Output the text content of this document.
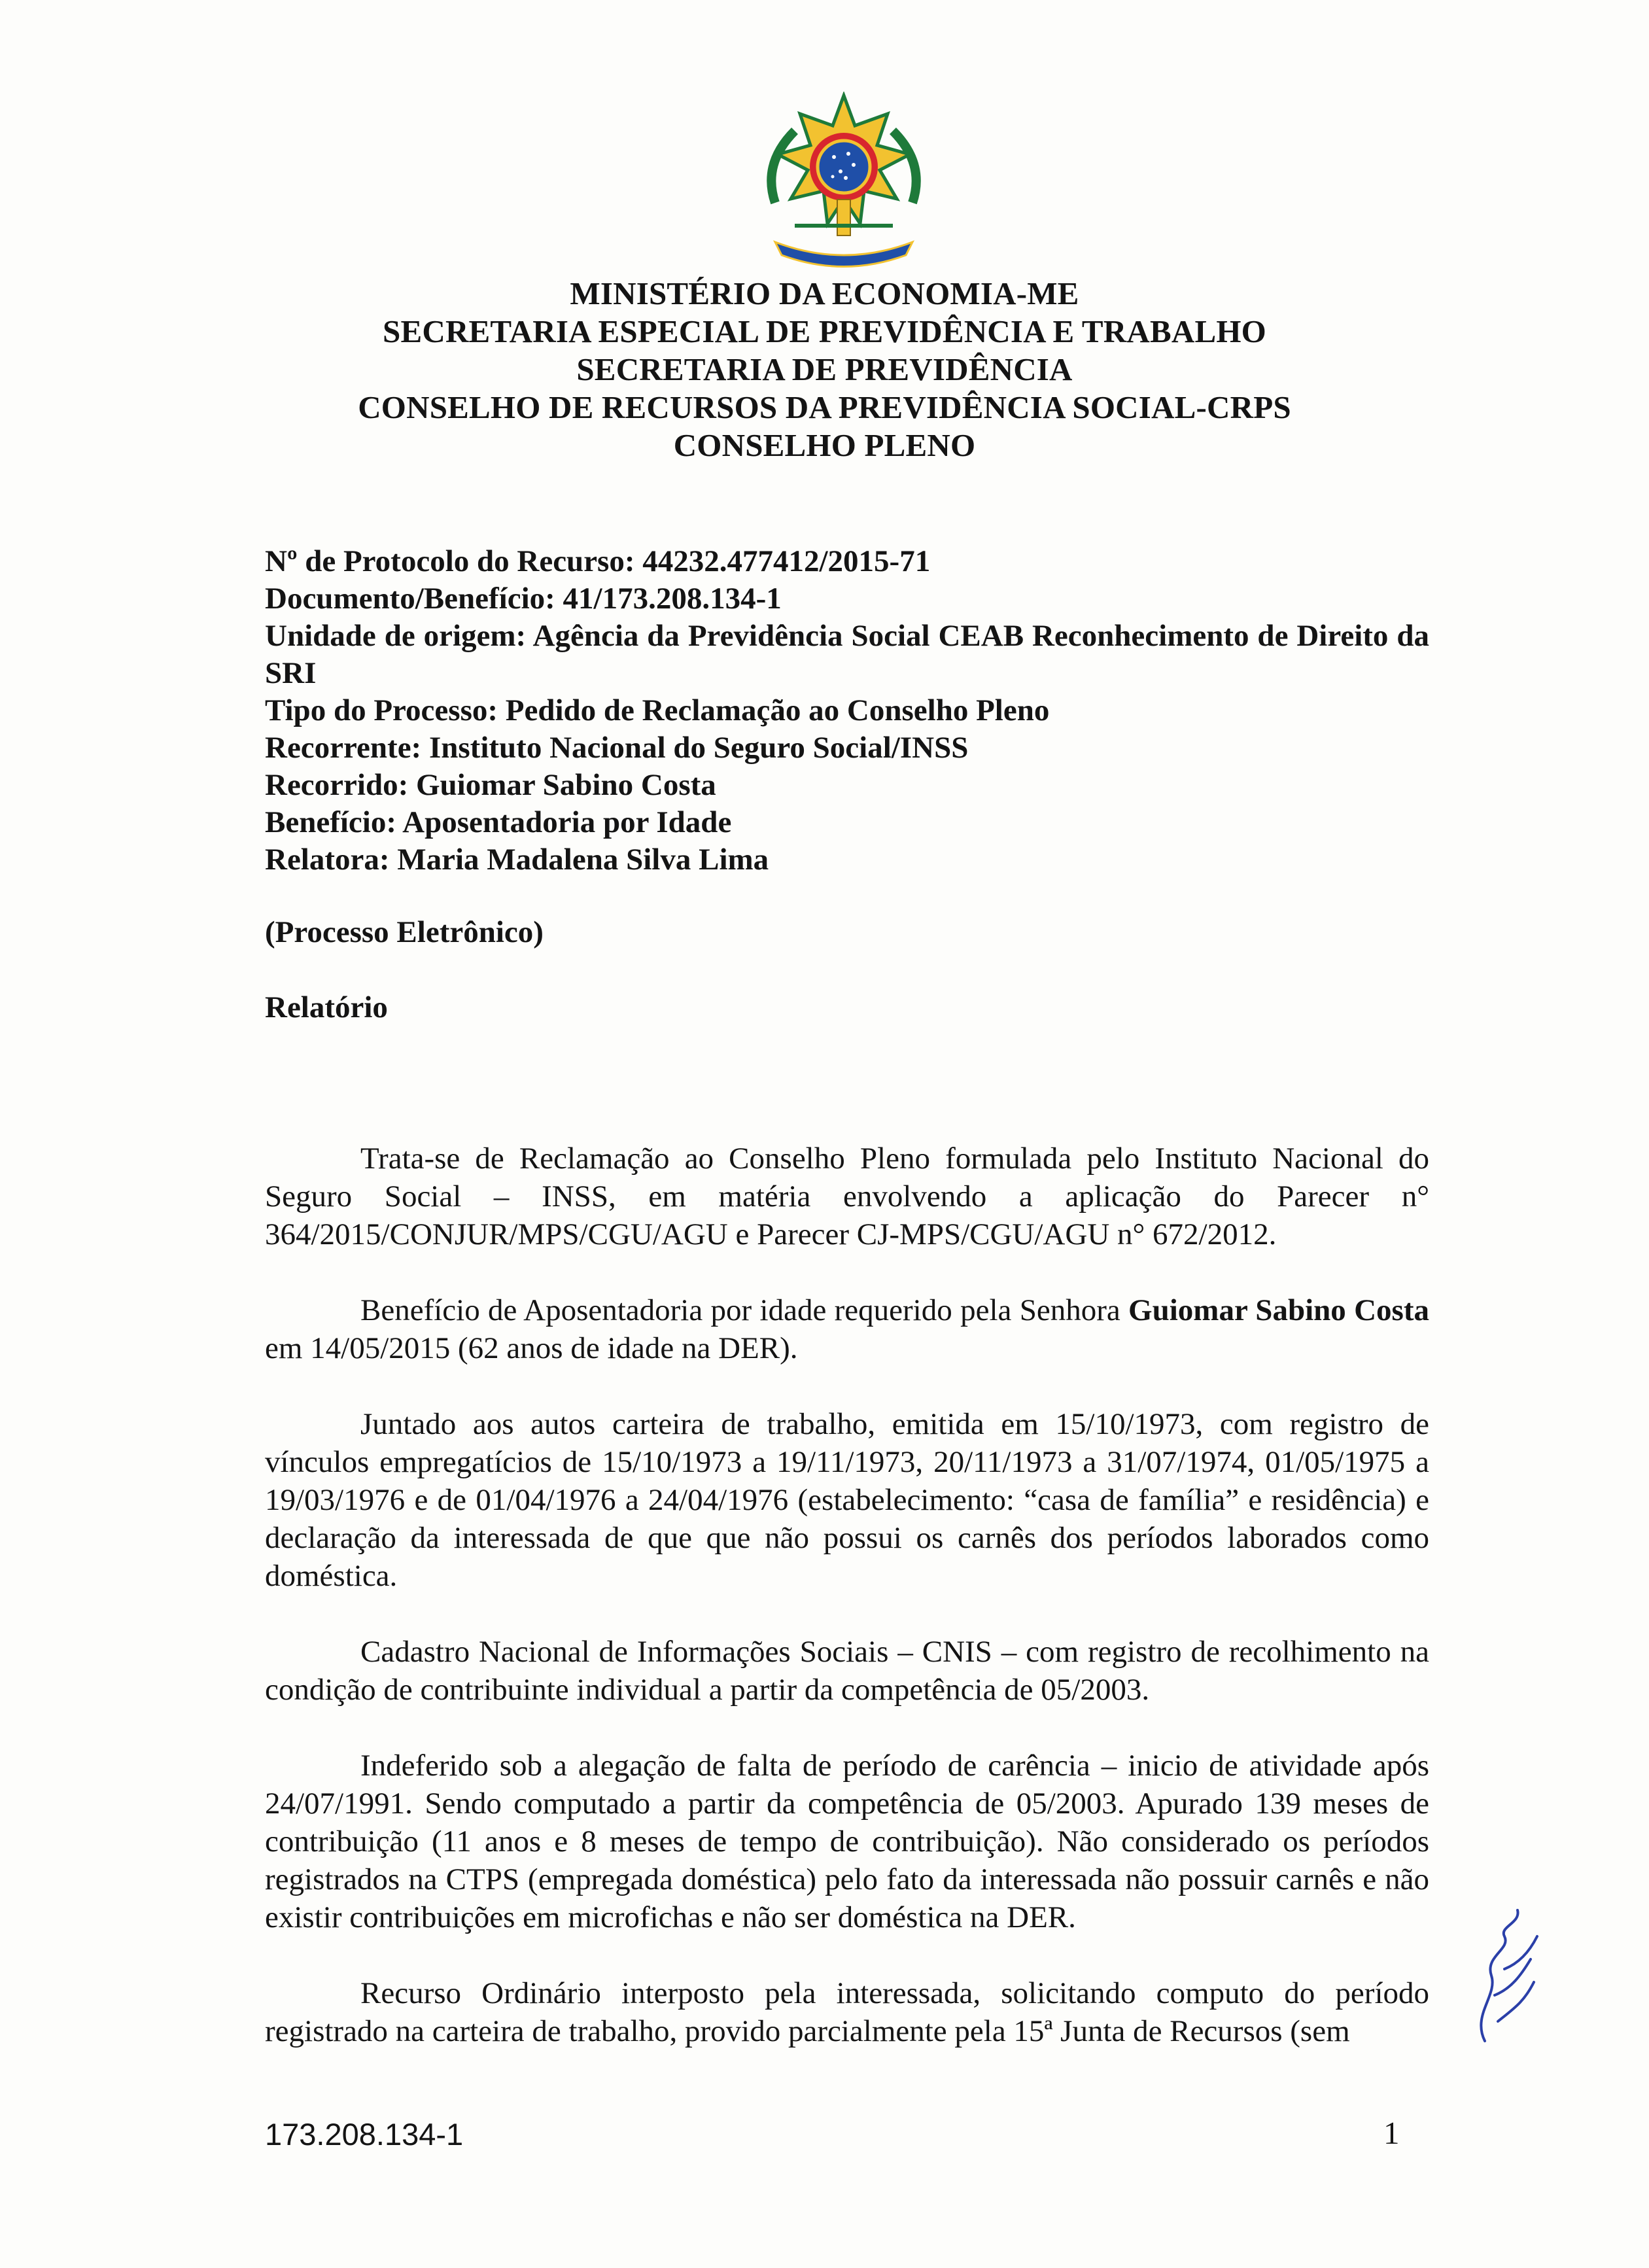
MINISTÉRIO DA ECONOMIA-ME
SECRETARIA ESPECIAL DE PREVIDÊNCIA E TRABALHO
SECRETARIA DE PREVIDÊNCIA
CONSELHO DE RECURSOS DA PREVIDÊNCIA SOCIAL-CRPS
CONSELHO PLENO
Nº de Protocolo do Recurso: 44232.477412/2015-71
Documento/Benefício: 41/173.208.134-1
Unidade de origem: Agência da Previdência Social CEAB Reconhecimento de Direito da SRI
Tipo do Processo: Pedido de Reclamação ao Conselho Pleno
Recorrente: Instituto Nacional do Seguro Social/INSS
Recorrido: Guiomar Sabino Costa
Benefício: Aposentadoria por Idade
Relatora: Maria Madalena Silva Lima
(Processo Eletrônico)
Relatório

Trata-se de Reclamação ao Conselho Pleno formulada pelo Instituto Nacional do Seguro Social – INSS, em matéria envolvendo a aplicação do Parecer n° 364/2015/CONJUR/MPS/CGU/AGU e Parecer CJ-MPS/CGU/AGU n° 672/2012.

Benefício de Aposentadoria por idade requerido pela Senhora Guiomar Sabino Costa em 14/05/2015 (62 anos de idade na DER).

Juntado aos autos carteira de trabalho, emitida em 15/10/1973, com registro de vínculos empregatícios de 15/10/1973 a 19/11/1973, 20/11/1973 a 31/07/1974, 01/05/1975 a 19/03/1976 e de 01/04/1976 a 24/04/1976 (estabelecimento: “casa de família” e residência) e declaração da interessada de que que não possui os carnês dos períodos laborados como doméstica.

Cadastro Nacional de Informações Sociais – CNIS – com registro de recolhimento na condição de contribuinte individual a partir da competência de 05/2003.

Indeferido sob a alegação de falta de período de carência – inicio de atividade após 24/07/1991. Sendo computado a partir da competência de 05/2003. Apurado 139 meses de contribuição (11 anos e 8 meses de tempo de contribuição). Não considerado os períodos registrados na CTPS (empregada doméstica) pelo fato da interessada não possuir carnês e não existir contribuições em microfichas e não ser doméstica na DER.

Recurso Ordinário interposto pela interessada, solicitando computo do período registrado na carteira de trabalho, provido parcialmente pela 15ª Junta de Recursos (sem

173.208.134-1	1
